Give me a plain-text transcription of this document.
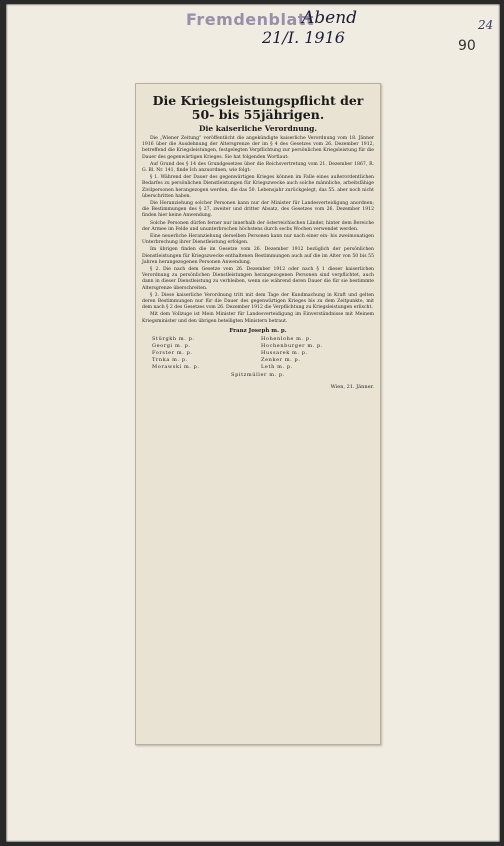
Fremdenblatt
Abend
21/I. 1916
24
90
Die Kriegsleistungspflicht der 50- bis 55jährigen.
Die kaiserliche Verordnung.

Die „Wiener Zeitung“ veröffentlicht die angekündigte kaiserliche Verordnung vom 18. Jänner 1916 über die Ausdehnung der Altersgrenze der im § 4 des Gesetzes vom 26. Dezember 1912, betreffend die Kriegsleistungen, festgelegten Verpflichtung zur persönlichen Kriegsleistung für die Dauer des gegenwärtigen Krieges. Sie hat folgenden Wortlaut:

Auf Grund des § 14 des Grundgesetzes über die Reichsvertretung vom 21. Dezember 1867, R. G. Bl. Nr. 141, finde Ich anzuordnen, wie folgt:

§ 1. Während der Dauer des gegenwärtigen Krieges können im Falle eines außerordentlichen Bedarfes zu persönlichen Dienstleistungen für Kriegszwecke auch solche männliche, arbeitsfähige Zivilpersonen herangezogen werden, die das 50. Lebensjahr zurückgelegt, das 55. aber noch nicht überschritten haben.

Die Heranziehung solcher Personen kann nur der Minister für Landesverteidigung anordnen; die Bestimmungen des § 27, zweiter und dritter Absatz, des Gesetzes vom 26. Dezember 1912 finden hier keine Anwendung.

Solche Personen dürfen ferner nur innerhalb der österreichischen Länder, hinter dem Bereiche der Armee im Felde und ununterbrochen höchstens durch sechs Wochen verwendet werden.

Eine neuerliche Heranziehung derselben Personen kann nur nach einer ein- bis zweimonatigen Unterbrechung ihrer Dienstleistung erfolgen.

Im übrigen finden die im Gesetze vom 26. Dezember 1912 bezüglich der persönlichen Dienstleistungen für Kriegszwecke enthaltenen Bestimmungen auch auf die im Alter von 50 bis 55 Jahren herangezogenen Personen Anwendung.

§ 2. Die nach dem Gesetze vom 26. Dezember 1912 oder nach § 1 dieser kaiserlichen Verordnung zu persönlichen Dienstleistungen herangezogenen Personen sind verpflichtet, auch dann in dieser Dienstleistung zu verbleiben, wenn sie während deren Dauer die für sie bestimmte Altersgrenze überschreiten.

§ 3. Diese kaiserliche Verordnung tritt mit dem Tage der Kundmachung in Kraft und gelten deren Bestimmungen nur für die Dauer des gegenwärtigen Krieges bis zu dem Zeitpunkte, mit dem nach § 2 des Gesetzes vom 26. Dezember 1912 die Verpflichtung zu Kriegsleistungen erlischt.

Mit dem Vollzuge ist Mein Minister für Landesverteidigung im Einverständnisse mit Meinem Kriegsminister und den übrigen beteiligten Ministern betraut.

Franz Joseph m. p.
Stürgkh m. p.	Hohenlohe m. p.
Georgi m. p.	Hochenburger m. p.
Forster m. p.	Hussarek m. p.
Trnka m. p.	Zenker m. p.
Morawski m. p.	Leth m. p.
Spitzmüller m. p.
Wien, 21. Jänner.
